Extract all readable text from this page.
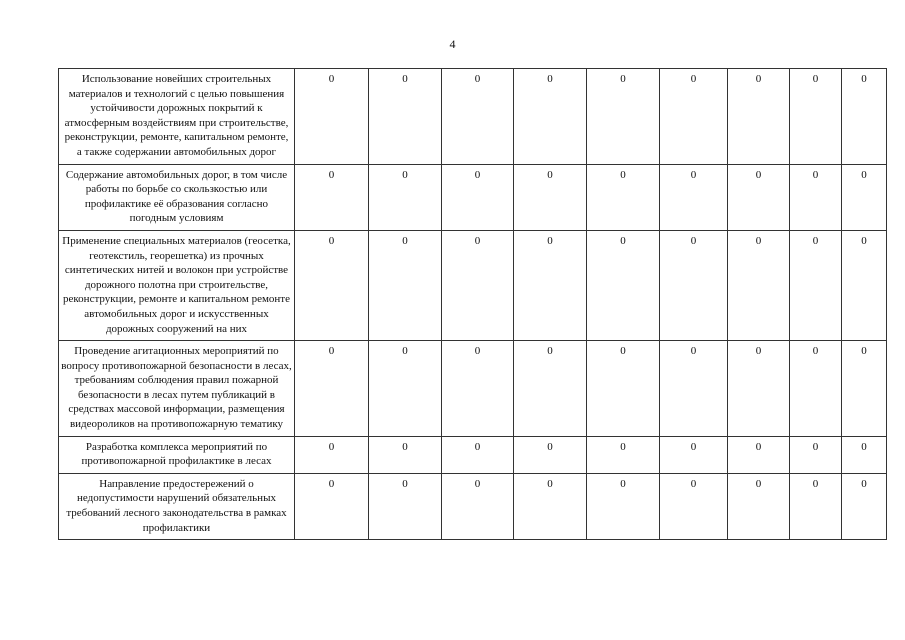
4
Использование новейших строительных материалов и технологий с целью повышения устойчивости дорожных покрытий к атмосферным воздействиям при строительстве, реконструкции, ремонте, капитальном ремонте, а также содержании автомобильных дорог	0	0	0	0	0	0	0	0	0
Содержание автомобильных дорог, в том числе работы по борьбе со скользкостью или профилактике её образования согласно погодным условиям	0	0	0	0	0	0	0	0	0
Применение специальных материалов (геосетка, геотекстиль, георешетка) из прочных синтетических нитей и волокон при устройстве дорожного полотна при строительстве, реконструкции, ремонте и капитальном ремонте автомобильных дорог и искусственных дорожных сооружений на них	0	0	0	0	0	0	0	0	0
Проведение агитационных мероприятий по вопросу противопожарной безопасности в лесах, требованиям соблюдения правил пожарной безопасности в лесах путем публикаций в средствах массовой информации, размещения видеороликов на противопожарную тематику	0	0	0	0	0	0	0	0	0
Разработка комплекса мероприятий по противопожарной профилактике в лесах	0	0	0	0	0	0	0	0	0
Направление предостережений о недопустимости нарушений обязательных требований лесного законодательства в рамках профилактики	0	0	0	0	0	0	0	0	0
